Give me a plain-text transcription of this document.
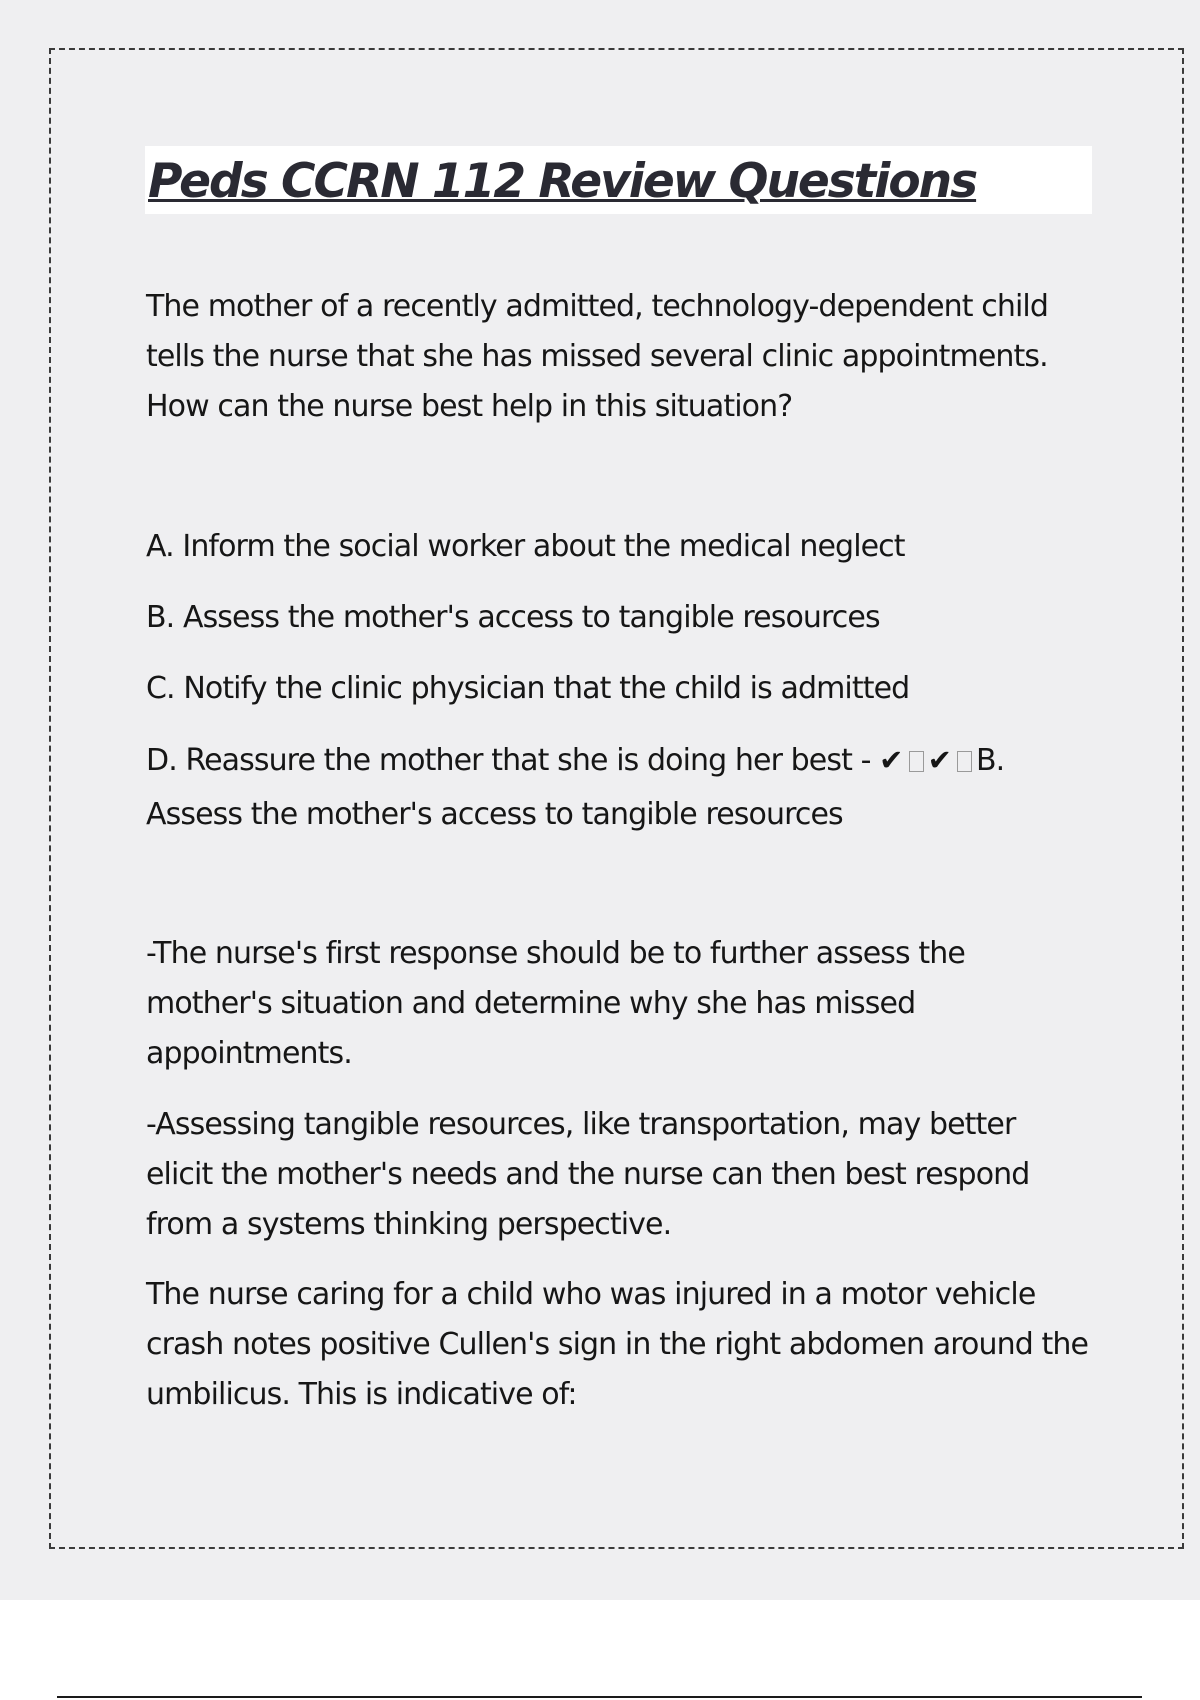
Peds CCRN 112 Review Questions

The mother of a recently admitted, technology-dependent child tells the nurse that she has missed several clinic appointments. How can the nurse best help in this situation?

A. Inform the social worker about the medical neglect

B. Assess the mother's access to tangible resources

C. Notify the clinic physician that the child is admitted

D. Reassure the mother that she is doing her best - ✔ ✔ B.

Assess the mother's access to tangible resources

-The nurse's first response should be to further assess the mother's situation and determine why she has missed appointments.

-Assessing tangible resources, like transportation, may better elicit the mother's needs and the nurse can then best respond from a systems thinking perspective.

The nurse caring for a child who was injured in a motor vehicle crash notes positive Cullen's sign in the right abdomen around the umbilicus. This is indicative of:
